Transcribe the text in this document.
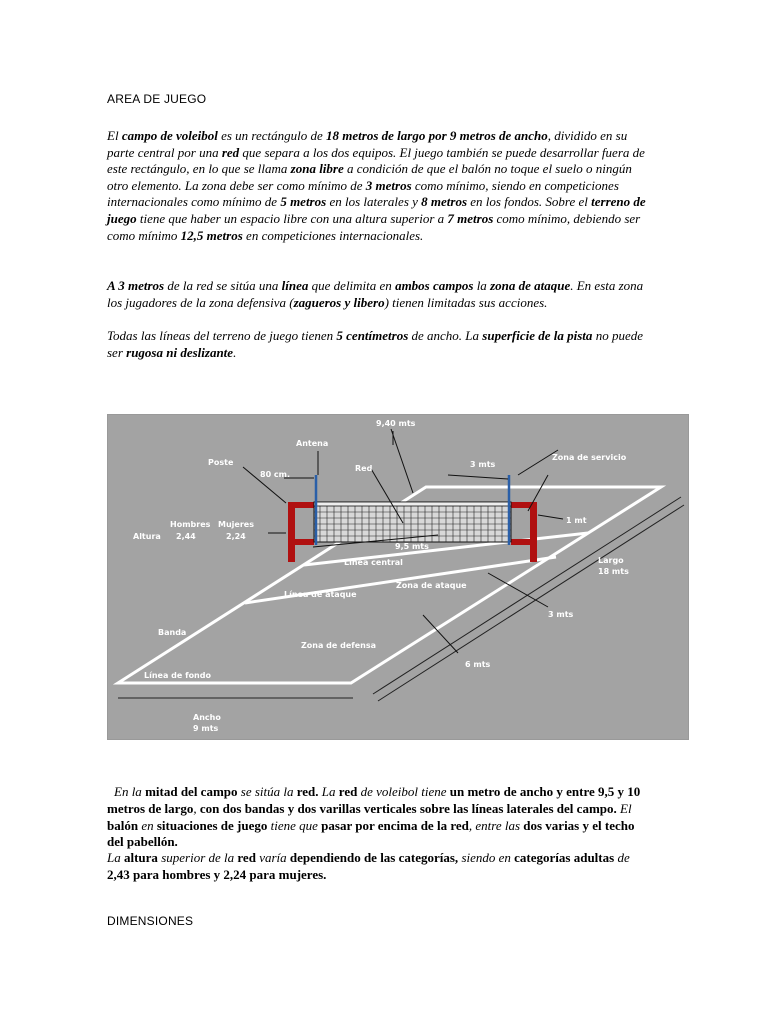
AREA DE JUEGO
El campo de voleibol es un rectángulo de 18 metros de largo por 9 metros de ancho, dividido en su parte central por una red que separa a los dos equipos. El juego también se puede desarrollar fuera de este rectángulo, en lo que se llama zona libre a condición de que el balón no toque el suelo o ningún otro elemento. La zona debe ser como mínimo de 3 metros como mínimo, siendo en competiciones internacionales como mínimo de 5 metros en los laterales y 8 metros en los fondos. Sobre el terreno de juego tiene que haber un espacio libre con una altura superior a 7 metros como mínimo, debiendo ser como mínimo 12,5 metros en competiciones internacionales.
A 3 metros de la red se sitúa una línea que delimita en ambos campos la zona de ataque. En esta zona los jugadores de la zona defensiva (zagueros y libero) tienen limitadas sus acciones.
Todas las líneas del terreno de juego tienen 5 centímetros de ancho. La superficie de la pista no puede ser rugosa ni deslizante.
9,40 mts
Antena
Poste
80 cm.
Red	3 mts
Zona de servicio
Hombres Mujeres
Altura 2,44	2,24
1 mt
9,5 mts
Línea central	Largo
18 mts
Línea de ataque
Zona de ataque
3 mts
Banda
Zona de defensa
6 mts
Línea de fondo
Ancho
9 mts
En la mitad del campo se sitúa la red. La red de voleibol tiene un metro de ancho y entre 9,5 y 10 metros de largo, con dos bandas y dos varillas verticales sobre las líneas laterales del campo. El balón en situaciones de juego tiene que pasar por encima de la red, entre las dos varias y el techo del pabellón.
La altura superior de la red varía dependiendo de las categorías, siendo en categorías adultas de 2,43 para hombres y 2,24 para mujeres.
DIMENSIONES
